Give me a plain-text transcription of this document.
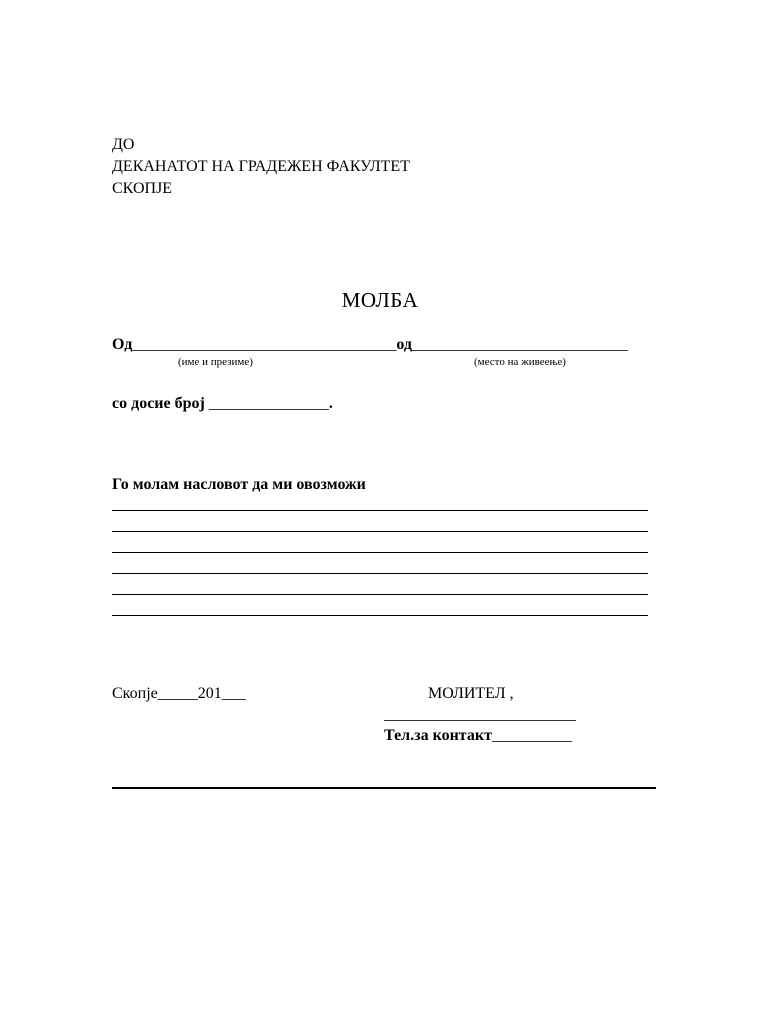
ДО
ДЕКАНАТОТ НА ГРАДЕЖЕН ФАКУЛТЕТ
СКОПЈЕ
МОЛБА
Од_________________________________од___________________________
(име и презиме)	(место на живеење)
со досие број _______________.
Го молам насловот да ми овозможи
Скопје_____201___	МОЛИТЕЛ ,
________________________
Тел.за контакт__________
